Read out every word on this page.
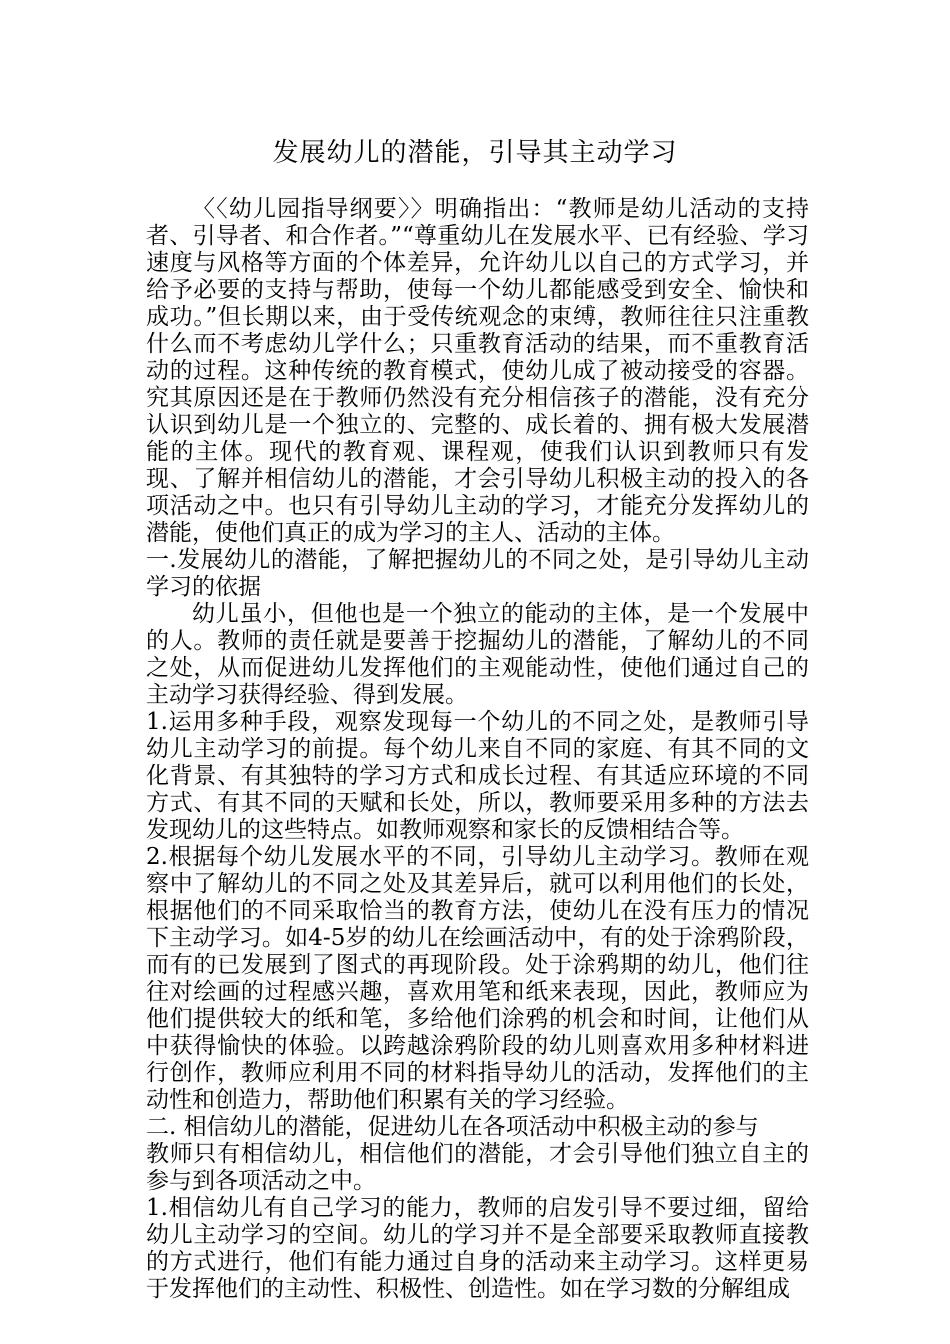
发展幼儿的潜能，引导其主动学习

〈〈幼儿园指导纲要〉〉明确指出：“教师是幼儿活动的支持者、引导者、和合作者。”“尊重幼儿在发展水平、已有经验、学习速度与风格等方面的个体差异，允许幼儿以自己的方式学习，并给予必要的支持与帮助，使每一个幼儿都能感受到安全、愉快和成功。”但长期以来，由于受传统观念的束缚，教师往往只注重教什么而不考虑幼儿学什么；只重教育活动的结果，而不重教育活动的过程。这种传统的教育模式，使幼儿成了被动接受的容器。究其原因还是在于教师仍然没有充分相信孩子的潜能，没有充分认识到幼儿是一个独立的、完整的、成长着的、拥有极大发展潜能的主体。现代的教育观、课程观，使我们认识到教师只有发现、了解并相信幼儿的潜能，才会引导幼儿积极主动的投入的各项活动之中。也只有引导幼儿主动的学习，才能充分发挥幼儿的潜能，使他们真正的成为学习的主人、活动的主体。

一.发展幼儿的潜能，了解把握幼儿的不同之处，是引导幼儿主动学习的依据

幼儿虽小，但他也是一个独立的能动的主体，是一个发展中的人。教师的责任就是要善于挖掘幼儿的潜能，了解幼儿的不同之处，从而促进幼儿发挥他们的主观能动性，使他们通过自己的主动学习获得经验、得到发展。

1.运用多种手段，观察发现每一个幼儿的不同之处，是教师引导幼儿主动学习的前提。每个幼儿来自不同的家庭、有其不同的文化背景、有其独特的学习方式和成长过程、有其适应环境的不同方式、有其不同的天赋和长处，所以，教师要采用多种的方法去发现幼儿的这些特点。如教师观察和家长的反馈相结合等。

2.根据每个幼儿发展水平的不同，引导幼儿主动学习。教师在观察中了解幼儿的不同之处及其差异后，就可以利用他们的长处，根据他们的不同采取恰当的教育方法，使幼儿在没有压力的情况下主动学习。如4-5岁的幼儿在绘画活动中，有的处于涂鸦阶段，而有的已发展到了图式的再现阶段。处于涂鸦期的幼儿，他们往往对绘画的过程感兴趣，喜欢用笔和纸来表现，因此，教师应为他们提供较大的纸和笔，多给他们涂鸦的机会和时间，让他们从中获得愉快的体验。以跨越涂鸦阶段的幼儿则喜欢用多种材料进行创作，教师应利用不同的材料指导幼儿的活动，发挥他们的主动性和创造力，帮助他们积累有关的学习经验。

二. 相信幼儿的潜能，促进幼儿在各项活动中积极主动的参与

教师只有相信幼儿，相信他们的潜能，才会引导他们独立自主的参与到各项活动之中。

1.相信幼儿有自己学习的能力，教师的启发引导不要过细，留给幼儿主动学习的空间。幼儿的学习并不是全部要采取教师直接教的方式进行，他们有能力通过自身的活动来主动学习。这样更易于发挥他们的主动性、积极性、创造性。如在学习数的分解组成
